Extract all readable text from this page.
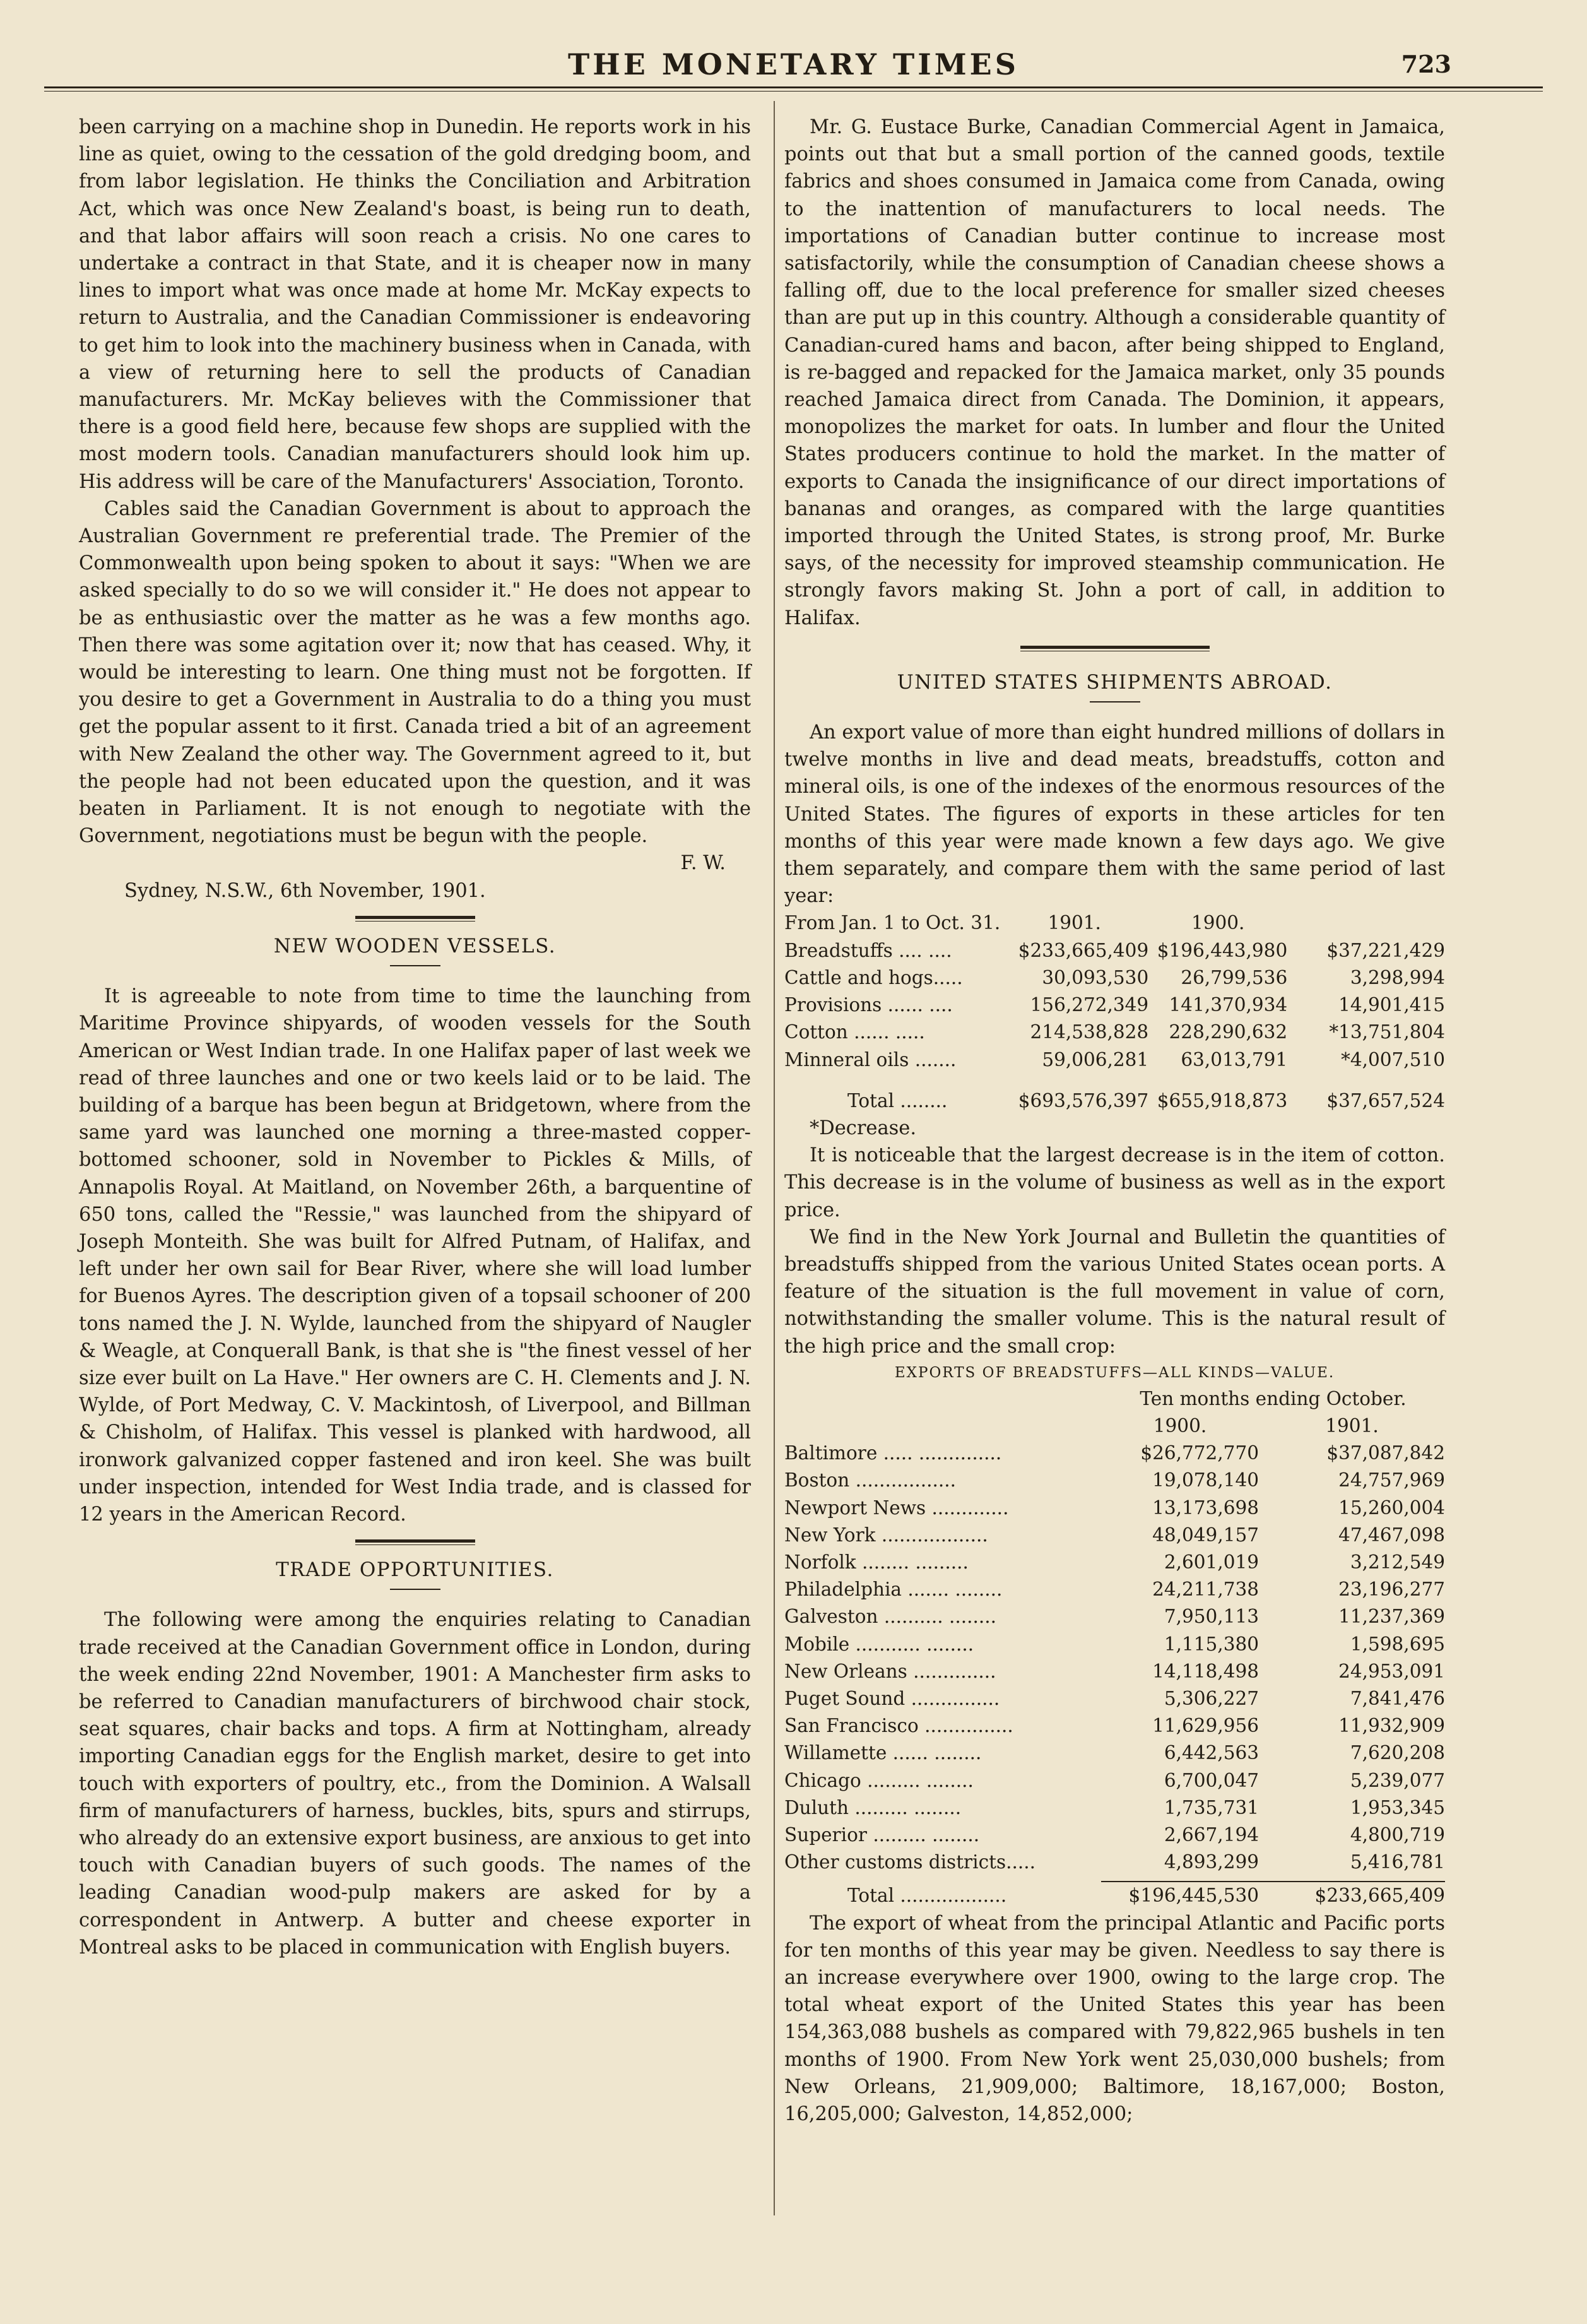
THE MONETARY TIMES	723

been carrying on a machine shop in Dunedin. He reports work in his line as quiet, owing to the cessation of the gold dredging boom, and from labor legislation. He thinks the Conciliation and Arbitration Act, which was once New Zealand's boast, is being run to death, and that labor affairs will soon reach a crisis. No one cares to undertake a contract in that State, and it is cheaper now in many lines to import what was once made at home Mr. McKay expects to return to Australia, and the Canadian Commissioner is endeavoring to get him to look into the machinery business when in Canada, with a view of returning here to sell the products of Canadian manufacturers. Mr. McKay believes with the Commissioner that there is a good field here, because few shops are supplied with the most modern tools. Canadian manufacturers should look him up. His address will be care of the Manufacturers' Association, Toronto.

Cables said the Canadian Government is about to approach the Australian Government re preferential trade. The Premier of the Commonwealth upon being spoken to about it says: "When we are asked specially to do so we will consider it." He does not appear to be as enthusiastic over the matter as he was a few months ago. Then there was some agitation over it; now that has ceased. Why, it would be interesting to learn. One thing must not be forgotten. If you desire to get a Government in Australia to do a thing you must get the popular assent to it first. Canada tried a bit of an agreement with New Zealand the other way. The Government agreed to it, but the people had not been educated upon the question, and it was beaten in Parliament. It is not enough to negotiate with the Government, negotiations must be begun with the people.

F. W.

Sydney, N.S.W., 6th November, 1901.

NEW WOODEN VESSELS.

It is agreeable to note from time to time the launching from Maritime Province shipyards, of wooden vessels for the South American or West Indian trade. In one Halifax paper of last week we read of three launches and one or two keels laid or to be laid. The building of a barque has been begun at Bridgetown, where from the same yard was launched one morning a three-masted copper-bottomed schooner, sold in November to Pickles & Mills, of Annapolis Royal. At Maitland, on November 26th, a barquentine of 650 tons, called the "Ressie," was launched from the shipyard of Joseph Monteith. She was built for Alfred Putnam, of Halifax, and left under her own sail for Bear River, where she will load lumber for Buenos Ayres. The description given of a topsail schooner of 200 tons named the J. N. Wylde, launched from the shipyard of Naugler & Weagle, at Conquerall Bank, is that she is "the finest vessel of her size ever built on La Have." Her owners are C. H. Clements and J. N. Wylde, of Port Medway, C. V. Mackintosh, of Liverpool, and Billman & Chisholm, of Halifax. This vessel is planked with hardwood, all ironwork galvanized copper fastened and iron keel. She was built under inspection, intended for West India trade, and is classed for 12 years in the American Record.

TRADE OPPORTUNITIES.

The following were among the enquiries relating to Canadian trade received at the Canadian Government office in London, during the week ending 22nd November, 1901: A Manchester firm asks to be referred to Canadian manufacturers of birchwood chair stock, seat squares, chair backs and tops. A firm at Nottingham, already importing Canadian eggs for the English market, desire to get into touch with exporters of poultry, etc., from the Dominion. A Walsall firm of manufacturers of harness, buckles, bits, spurs and stirrups, who already do an extensive export business, are anxious to get into touch with Canadian buyers of such goods. The names of the leading Canadian wood-pulp makers are asked for by a correspondent in Antwerp. A butter and cheese exporter in Montreal asks to be placed in communication with English buyers.

Mr. G. Eustace Burke, Canadian Commercial Agent in Jamaica, points out that but a small portion of the canned goods, textile fabrics and shoes consumed in Jamaica come from Canada, owing to the inattention of manufacturers to local needs. The importations of Canadian butter continue to increase most satisfactorily, while the consumption of Canadian cheese shows a falling off, due to the local preference for smaller sized cheeses than are put up in this country. Although a considerable quantity of Canadian-cured hams and bacon, after being shipped to England, is re-bagged and repacked for the Jamaica market, only 35 pounds reached Jamaica direct from Canada. The Dominion, it appears, monopolizes the market for oats. In lumber and flour the United States producers continue to hold the market. In the matter of exports to Canada the insignificance of our direct importations of bananas and oranges, as compared with the large quantities imported through the United States, is strong proof, Mr. Burke says, of the necessity for improved steamship communication. He strongly favors making St. John a port of call, in addition to Halifax.

UNITED STATES SHIPMENTS ABROAD.

An export value of more than eight hundred millions of dollars in twelve months in live and dead meats, breadstuffs, cotton and mineral oils, is one of the indexes of the enormous resources of the United States. The figures of exports in these articles for ten months of this year were made known a few days ago. We give them separately, and compare them with the same period of last year:

From Jan. 1 to Oct. 31.	1901.	1900.	
Breadstuffs .... ....	$233,665,409	$196,443,980	$37,221,429
Cattle and hogs.....	30,093,530	26,799,536	3,298,994
Provisions ...... ....	156,272,349	141,370,934	14,901,415
Cotton ...... .....	214,538,828	228,290,632	*13,751,804
Minneral oils .......	59,006,281	63,013,791	*4,007,510

Total ........	$693,576,397	$655,918,873	$37,657,524

*Decrease.

It is noticeable that the largest decrease is in the item of cotton. This decrease is in the volume of business as well as in the export price.

We find in the New York Journal and Bulletin the quantities of breadstuffs shipped from the various United States ocean ports. A feature of the situation is the full movement in value of corn, notwithstanding the smaller volume. This is the natural result of the high price and the small crop:

EXPORTS OF BREADSTUFFS—ALL KINDS—VALUE.
	Ten months ending October.	
	1900.	1901.
Baltimore ..... ..............	$26,772,770	$37,087,842
Boston .................	19,078,140	24,757,969
Newport News .............	13,173,698	15,260,004
New York ..................	48,049,157	47,467,098
Norfolk ........ .........	2,601,019	3,212,549
Philadelphia ....... ........	24,211,738	23,196,277
Galveston .......... ........	7,950,113	11,237,369
Mobile ........... ........	1,115,380	1,598,695
New Orleans ..............	14,118,498	24,953,091
Puget Sound ...............	5,306,227	7,841,476
San Francisco ...............	11,629,956	11,932,909
Willamette ...... ........	6,442,563	7,620,208
Chicago ......... ........	6,700,047	5,239,077
Duluth ......... ........	1,735,731	1,953,345
Superior ......... ........	2,667,194	4,800,719
Other customs districts.....	4,893,299	5,416,781

Total ..................	$196,445,530	$233,665,409

The export of wheat from the principal Atlantic and Pacific ports for ten months of this year may be given. Needless to say there is an increase everywhere over 1900, owing to the large crop. The total wheat export of the United States this year has been 154,363,088 bushels as compared with 79,822,965 bushels in ten months of 1900. From New York went 25,030,000 bushels; from New Orleans, 21,909,000; Baltimore, 18,167,000; Boston, 16,205,000; Galveston, 14,852,000;
